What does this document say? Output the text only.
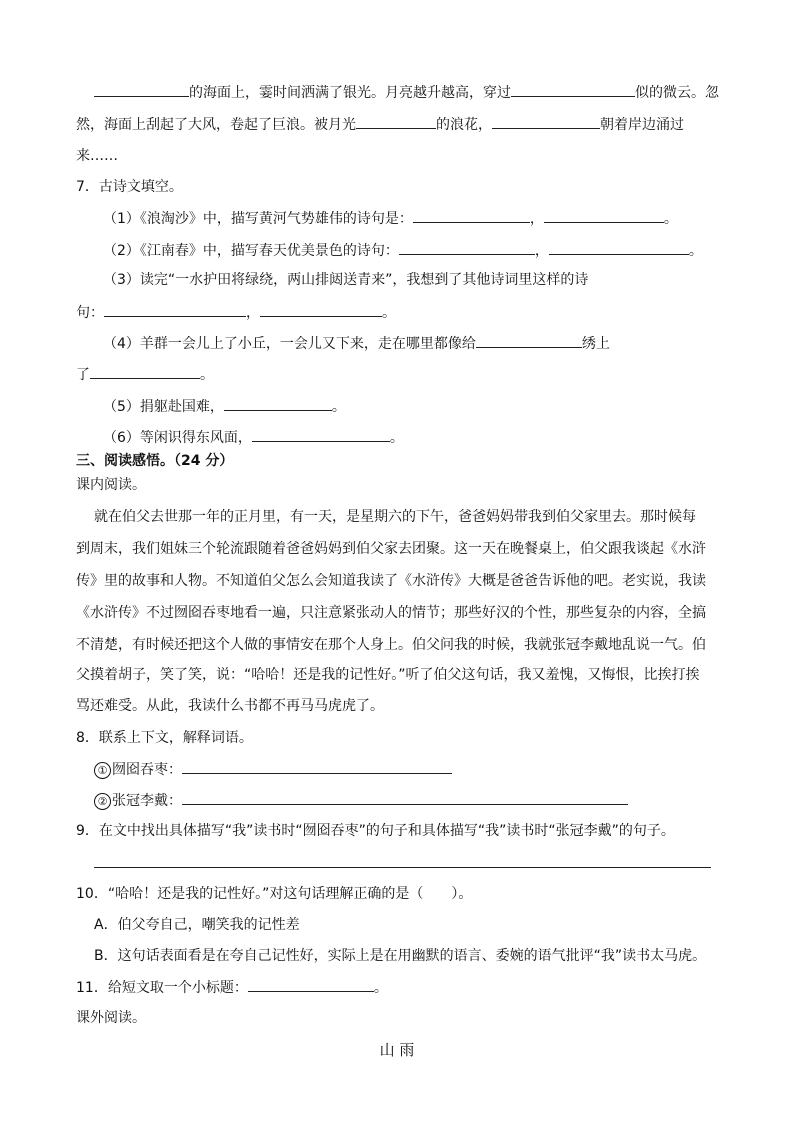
的海面上，霎时间洒满了银光。月亮越升越高，穿过	似的微云。忽
然，海面上刮起了大风，卷起了巨浪。被月光	的浪花，	朝着岸边涌过
来……
7．古诗文填空。
（1）《浪淘沙》中，描写黄河气势雄伟的诗句是：	，	。
（2）《江南春》中，描写春天优美景色的诗句：	，	。
（3）读完“一水护田将绿绕，两山排闼送青来”，我想到了其他诗词里这样的诗
句：	，	。
（4）羊群一会儿上了小丘，一会儿又下来，走在哪里都像给	绣上
了	。
（5）捐躯赴国难，	。
（6）等闲识得东风面，	。
三、阅读感悟。（24 分）
课内阅读。
就在伯父去世那一年的正月里，有一天，是星期六的下午，爸爸妈妈带我到伯父家里去。那时候每
到周末，我们姐妹三个轮流跟随着爸爸妈妈到伯父家去团聚。这一天在晚餐桌上，伯父跟我谈起《水浒
传》里的故事和人物。不知道伯父怎么会知道我读了《水浒传》大概是爸爸告诉他的吧。老实说，我读
《水浒传》不过囫囵吞枣地看一遍，只注意紧张动人的情节；那些好汉的个性，那些复杂的内容，全搞
不清楚，有时候还把这个人做的事情安在那个人身上。伯父问我的时候，我就张冠李戴地乱说一气。伯
父摸着胡子，笑了笑，说：“哈哈！还是我的记性好。”听了伯父这句话，我又羞愧，又悔恨，比挨打挨
骂还难受。从此，我读什么书都不再马马虎虎了。
8．联系上下文，解释词语。
① 囫囵吞枣：
② 张冠李戴：
9．在文中找出具体描写“我”读书时“囫囵吞枣”的句子和具体描写“我”读书时“张冠李戴”的句子。
10．“哈哈！还是我的记性好。”对这句话理解正确的是（　　）。
A．伯父夸自己，嘲笑我的记性差
B．这句话表面看是在夸自己记性好，实际上是在用幽默的语言、委婉的语气批评“我”读书太马虎。
11．给短文取一个小标题：	。
课外阅读。
山 雨
